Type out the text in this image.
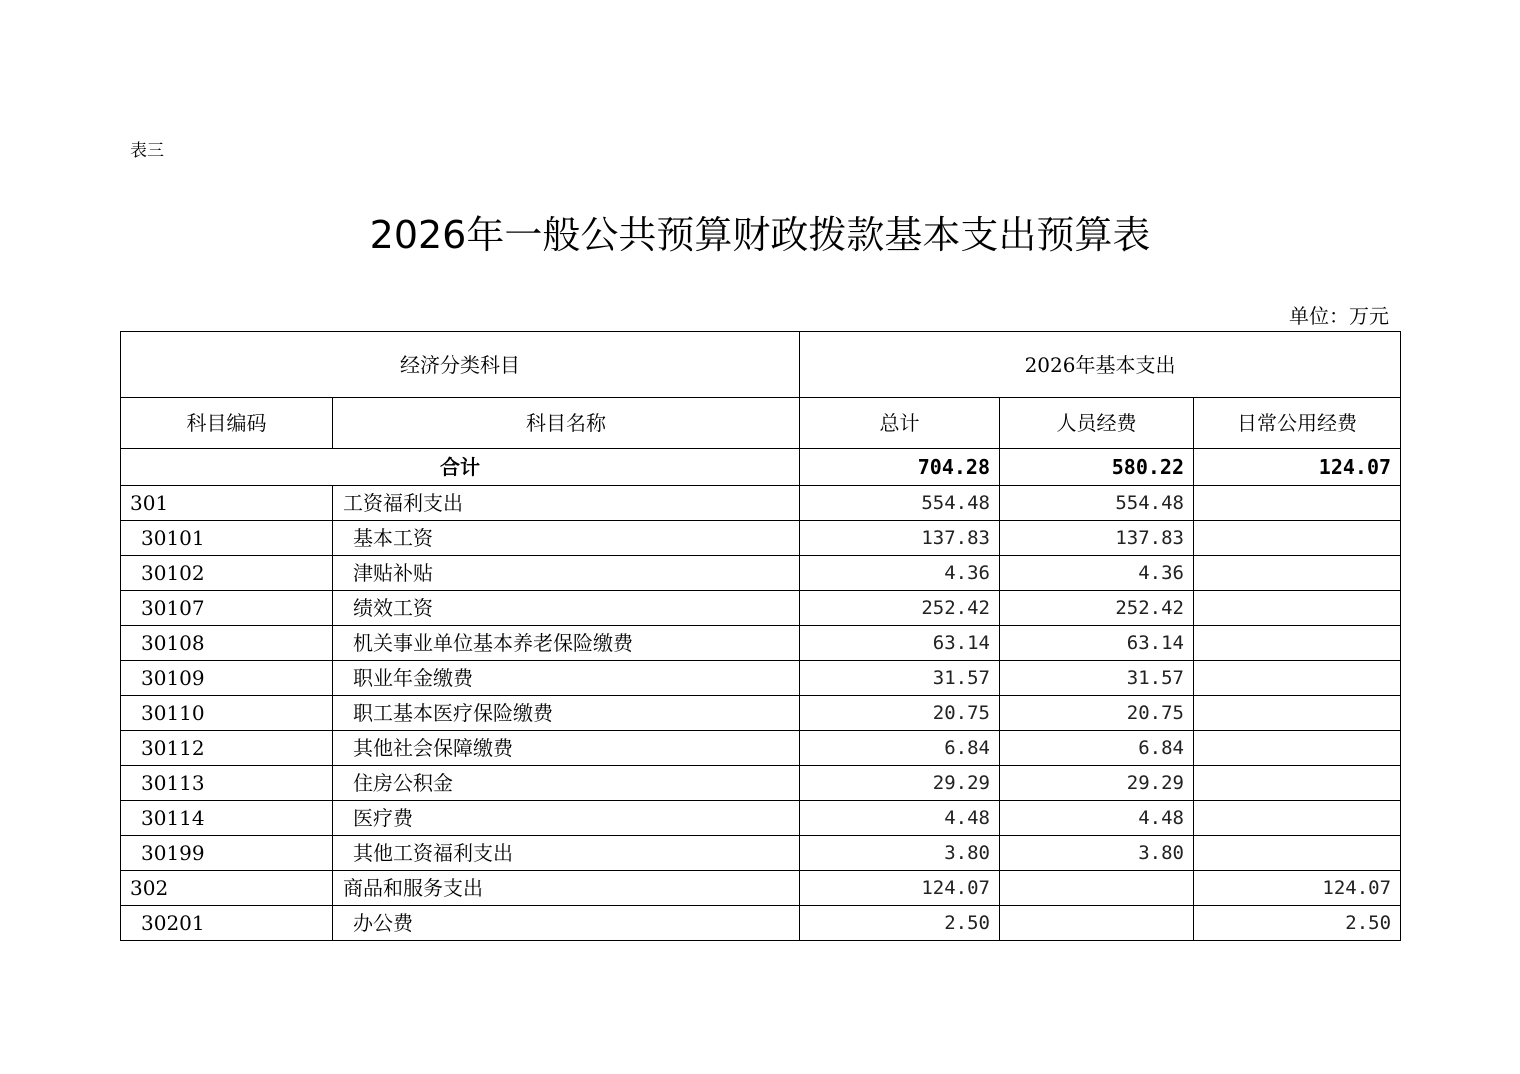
表三
2026年一般公共预算财政拨款基本支出预算表
单位：万元
经济分类科目		2026年基本支出		
科目编码	科目名称	总计	人员经费	日常公用经费
合计		704.28	580.22	124.07
301	工资福利支出	554.48	554.48	
30101	基本工资	137.83	137.83	
30102	津贴补贴	4.36	4.36	
30107	绩效工资	252.42	252.42	
30108	机关事业单位基本养老保险缴费	63.14	63.14	
30109	职业年金缴费	31.57	31.57	
30110	职工基本医疗保险缴费	20.75	20.75	
30112	其他社会保障缴费	6.84	6.84	
30113	住房公积金	29.29	29.29	
30114	医疗费	4.48	4.48	
30199	其他工资福利支出	3.80	3.80	
302	商品和服务支出	124.07		124.07
30201	办公费	2.50		2.50
